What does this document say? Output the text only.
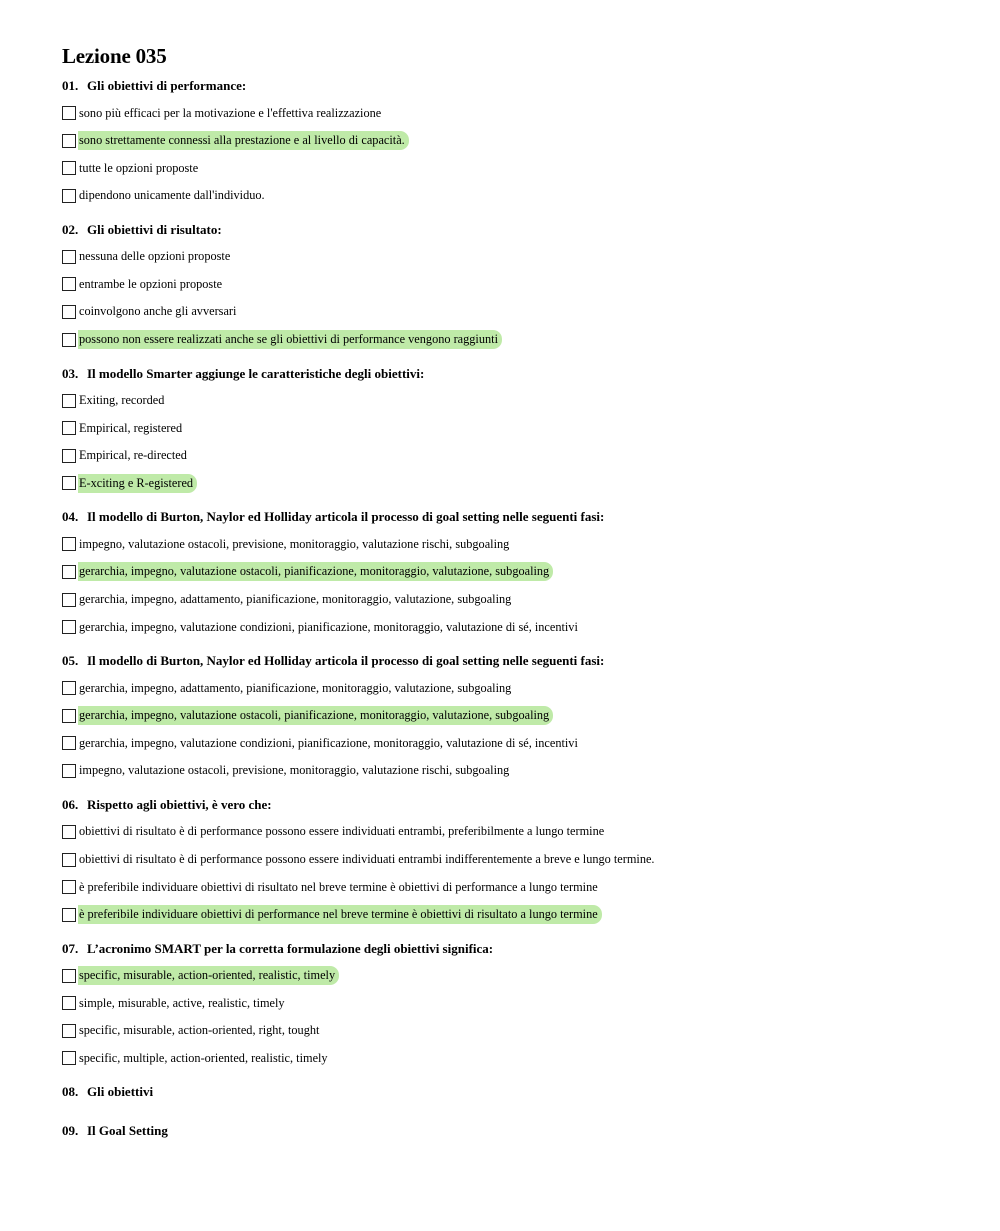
Lezione 035
01. Gli obiettivi di performance:
sono più efficaci per la motivazione e l'effettiva realizzazione
sono strettamente connessi alla prestazione e al livello di capacità.
tutte le opzioni proposte
dipendono unicamente dall'individuo.
02. Gli obiettivi di risultato:
nessuna delle opzioni proposte
entrambe le opzioni proposte
coinvolgono anche gli avversari
possono non essere realizzati anche se gli obiettivi di performance vengono raggiunti
03. Il modello Smarter aggiunge le caratteristiche degli obiettivi:
Exiting, recorded
Empirical, registered
Empirical, re-directed
E-xciting e R-egistered
04. Il modello di Burton, Naylor ed Holliday articola il processo di goal setting nelle seguenti fasi:
impegno, valutazione ostacoli, previsione, monitoraggio, valutazione rischi, subgoaling
gerarchia, impegno, valutazione ostacoli, pianificazione, monitoraggio, valutazione, subgoaling
gerarchia, impegno, adattamento, pianificazione, monitoraggio, valutazione, subgoaling
gerarchia, impegno, valutazione condizioni, pianificazione, monitoraggio, valutazione di sé, incentivi
05. Il modello di Burton, Naylor ed Holliday articola il processo di goal setting nelle seguenti fasi:
gerarchia, impegno, adattamento, pianificazione, monitoraggio, valutazione, subgoaling
gerarchia, impegno, valutazione ostacoli, pianificazione, monitoraggio, valutazione, subgoaling
gerarchia, impegno, valutazione condizioni, pianificazione, monitoraggio, valutazione di sé, incentivi
impegno, valutazione ostacoli, previsione, monitoraggio, valutazione rischi, subgoaling
06. Rispetto agli obiettivi, è vero che:
obiettivi di risultato è di performance possono essere individuati entrambi, preferibilmente a lungo termine
obiettivi di risultato è di performance possono essere individuati entrambi indifferentemente a breve e lungo termine.
è preferibile individuare obiettivi di risultato nel breve termine è obiettivi di performance a lungo termine
è preferibile individuare obiettivi di performance nel breve termine è obiettivi di risultato a lungo termine
07. L’acronimo SMART per la corretta formulazione degli obiettivi significa:
specific, misurable, action-oriented, realistic, timely
simple, misurable, active, realistic, timely
specific, misurable, action-oriented, right, tought
specific, multiple, action-oriented, realistic, timely
08. Gli obiettivi
09. Il Goal Setting
